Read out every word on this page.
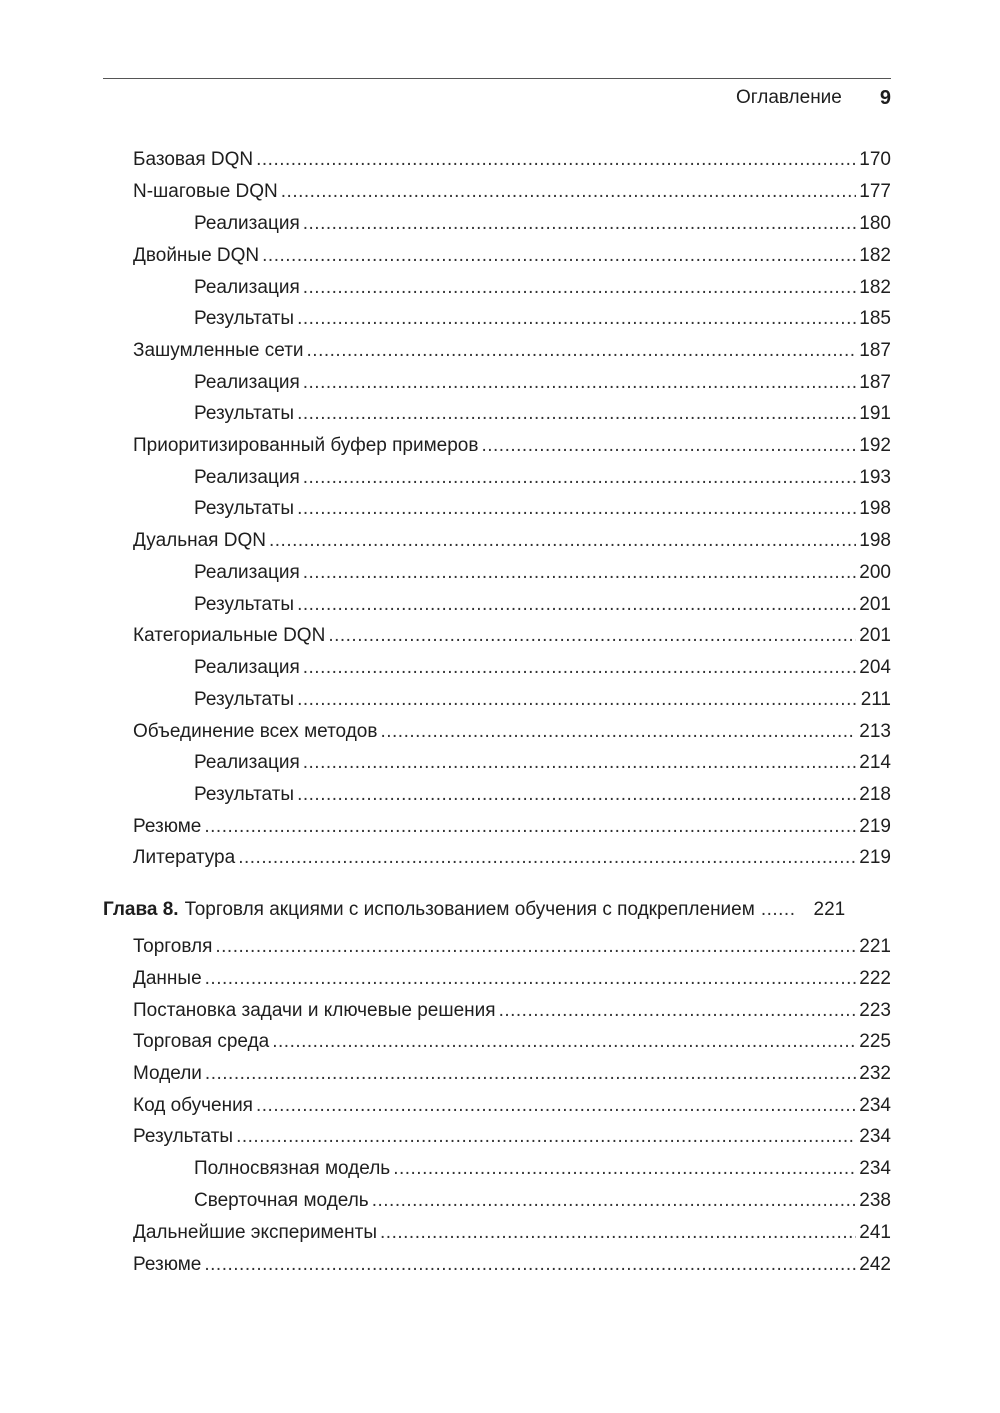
Оглавление 9
Базовая DQN .....	170
N-шаговые DQN .....	177
Реализация .....	180
Двойные DQN .....	182
Реализация .....	182
Результаты .....	185
Зашумленные сети .....	187
Реализация .....	187
Результаты .....	191
Приоритизированный буфер примеров .....	192
Реализация .....	193
Результаты .....	198
Дуальная DQN .....	198
Реализация .....	200
Результаты .....	201
Категориальные DQN .....	201
Реализация .....	204
Результаты .....	211
Объединение всех методов .....	213
Реализация .....	214
Результаты .....	218
Резюме .....	219
Литература .....	219
Глава 8. Торговля акциями с использованием обучения с подкреплением ......	221
Торговля .....	221
Данные .....	222
Постановка задачи и ключевые решения .....	223
Торговая среда .....	225
Модели .....	232
Код обучения .....	234
Результаты .....	234
Полносвязная модель .....	234
Сверточная модель .....	238
Дальнейшие эксперименты .....	241
Резюме .....	242
